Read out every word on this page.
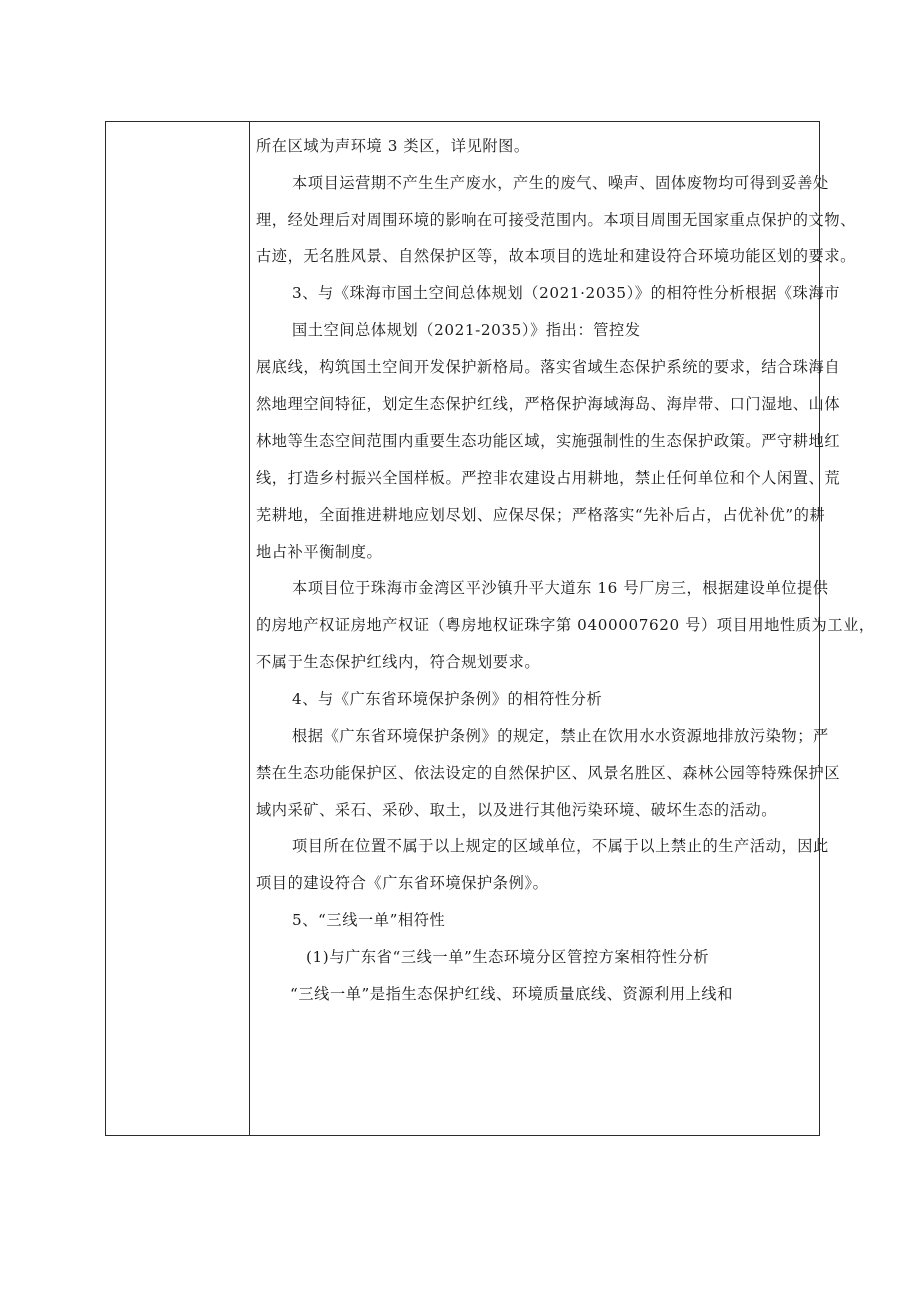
所在区域为声环境 3 类区，详见附图。
本项目运营期不产生生产废水，产生的废气、噪声、固体废物均可得到妥善处
理，经处理后对周围环境的影响在可接受范围内。本项目周围无国家重点保护的文物、
古迹，无名胜风景、自然保护区等，故本项目的选址和建设符合环境功能区划的要求。
3、与《珠海市国土空间总体规划（2021·2035）》的相符性分析根据《珠海市
国土空间总体规划（2021-2035）》指出：管控发
展底线，构筑国土空间开发保护新格局。落实省域生态保护系统的要求，结合珠海自
然地理空间特征，划定生态保护红线，严格保护海域海岛、海岸带、口门湿地、山体
林地等生态空间范围内重要生态功能区域，实施强制性的生态保护政策。严守耕地红
线，打造乡村振兴全国样板。严控非农建设占用耕地，禁止任何单位和个人闲置、荒
芜耕地，全面推进耕地应划尽划、应保尽保；严格落实“先补后占，占优补优”的耕
地占补平衡制度。
本项目位于珠海市金湾区平沙镇升平大道东 16 号厂房三，根据建设单位提供
的房地产权证房地产权证（粤房地权证珠字第 0400007620 号）项目用地性质为工业，
不属于生态保护红线内，符合规划要求。
4、与《广东省环境保护条例》的相符性分析
根据《广东省环境保护条例》的规定，禁止在饮用水水资源地排放污染物；严
禁在生态功能保护区、依法设定的自然保护区、风景名胜区、森林公园等特殊保护区
域内采矿、采石、采砂、取土，以及进行其他污染环境、破坏生态的活动。
项目所在位置不属于以上规定的区域单位，不属于以上禁止的生产活动，因此
项目的建设符合《广东省环境保护条例》。
5、“三线一单”相符性
(1)与广东省“三线一单”生态环境分区管控方案相符性分析
“三线一单”是指生态保护红线、环境质量底线、资源利用上线和
